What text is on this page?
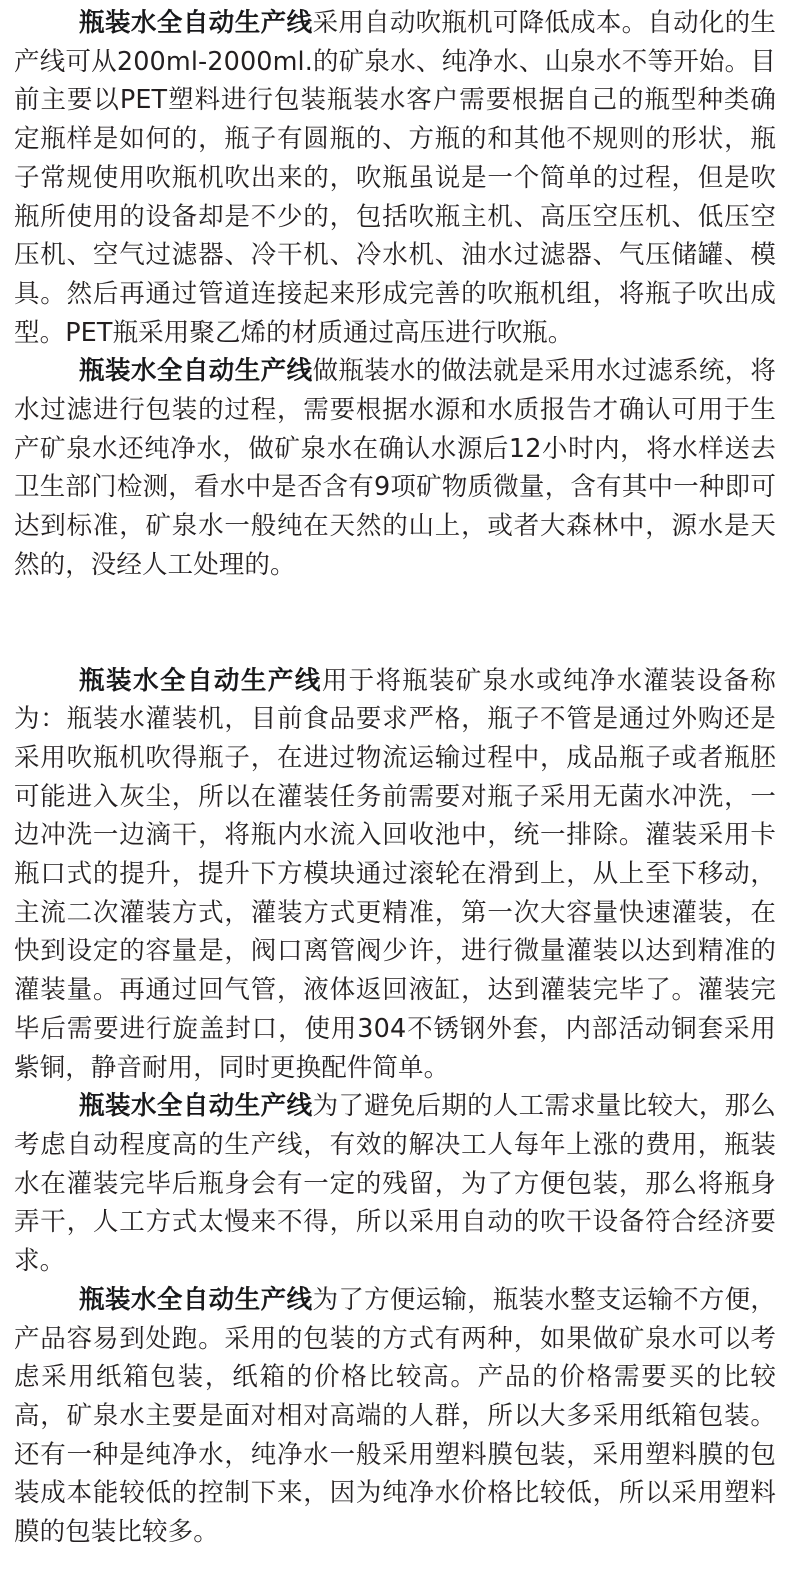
瓶装水全自动生产线采用自动吹瓶机可降低成本。自动化的生产线可从200ml-2000ml.的矿泉水、纯净水、山泉水不等开始。目前主要以PET塑料进行包装瓶装水客户需要根据自己的瓶型种类确定瓶样是如何的，瓶子有圆瓶的、方瓶的和其他不规则的形状，瓶子常规使用吹瓶机吹出来的，吹瓶虽说是一个简单的过程，但是吹瓶所使用的设备却是不少的，包括吹瓶主机、高压空压机、低压空压机、空气过滤器、冷干机、冷水机、油水过滤器、气压储罐、模具。然后再通过管道连接起来形成完善的吹瓶机组，将瓶子吹出成型。PET瓶采用聚乙烯的材质通过高压进行吹瓶。

瓶装水全自动生产线做瓶装水的做法就是采用水过滤系统，将水过滤进行包装的过程，需要根据水源和水质报告才确认可用于生产矿泉水还纯净水，做矿泉水在确认水源后12小时内，将水样送去卫生部门检测，看水中是否含有9项矿物质微量，含有其中一种即可达到标准，矿泉水一般纯在天然的山上，或者大森林中，源水是天然的，没经人工处理的。

瓶装水全自动生产线用于将瓶装矿泉水或纯净水灌装设备称为：瓶装水灌装机，目前食品要求严格，瓶子不管是通过外购还是采用吹瓶机吹得瓶子，在进过物流运输过程中，成品瓶子或者瓶胚可能进入灰尘，所以在灌装任务前需要对瓶子采用无菌水冲洗，一边冲洗一边滴干，将瓶内水流入回收池中，统一排除。灌装采用卡瓶口式的提升，提升下方模块通过滚轮在滑到上，从上至下移动，主流二次灌装方式，灌装方式更精准，第一次大容量快速灌装，在快到设定的容量是，阀口离管阀少许，进行微量灌装以达到精准的灌装量。再通过回气管，液体返回液缸，达到灌装完毕了。灌装完毕后需要进行旋盖封口，使用304不锈钢外套，内部活动铜套采用紫铜，静音耐用，同时更换配件简单。

瓶装水全自动生产线为了避免后期的人工需求量比较大，那么考虑自动程度高的生产线，有效的解决工人每年上涨的费用，瓶装水在灌装完毕后瓶身会有一定的残留，为了方便包装，那么将瓶身弄干，人工方式太慢来不得，所以采用自动的吹干设备符合经济要求。

瓶装水全自动生产线为了方便运输，瓶装水整支运输不方便，产品容易到处跑。采用的包装的方式有两种，如果做矿泉水可以考虑采用纸箱包装，纸箱的价格比较高。产品的价格需要买的比较高，矿泉水主要是面对相对高端的人群，所以大多采用纸箱包装。还有一种是纯净水，纯净水一般采用塑料膜包装，采用塑料膜的包装成本能较低的控制下来，因为纯净水价格比较低，所以采用塑料膜的包装比较多。
